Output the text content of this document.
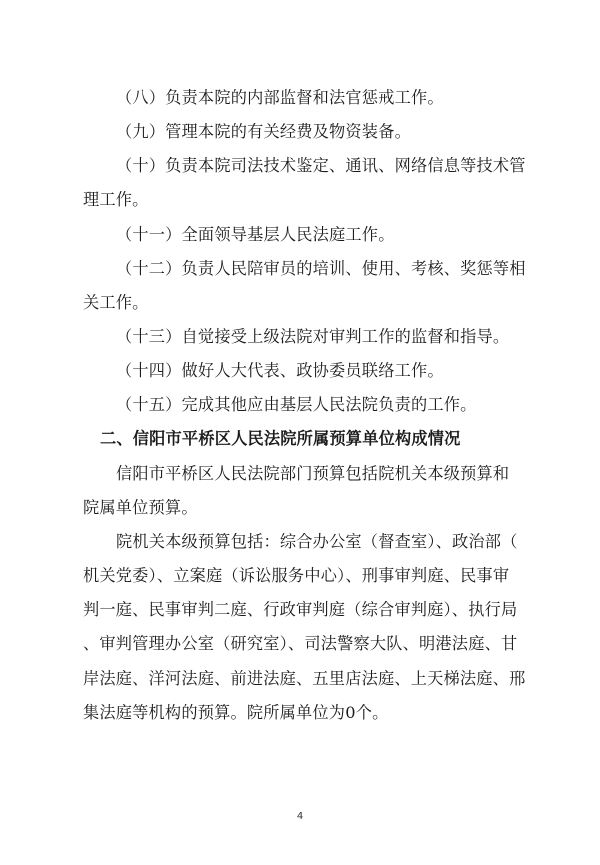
（八）负责本院的内部监督和法官惩戒工作。
（九）管理本院的有关经费及物资装备。
（十）负责本院司法技术鉴定、通讯、网络信息等技术管
理工作。
（十一）全面领导基层人民法庭工作。
（十二）负责人民陪审员的培训、使用、考核、奖惩等相
关工作。
（十三）自觉接受上级法院对审判工作的监督和指导。
（十四）做好人大代表、政协委员联络工作。
（十五）完成其他应由基层人民法院负责的工作。
二、信阳市平桥区人民法院所属预算单位构成情况
信阳市平桥区人民法院部门预算包括院机关本级预算和
院属单位预算。
院机关本级预算包括：综合办公室（督查室）、政治部（
机关党委）、立案庭（诉讼服务中心）、刑事审判庭、民事审
判一庭、民事审判二庭、行政审判庭（综合审判庭）、执行局
、审判管理办公室（研究室）、司法警察大队、明港法庭、甘
岸法庭、洋河法庭、前进法庭、五里店法庭、上天梯法庭、邢
集法庭等机构的预算。院所属单位为0个。
4
